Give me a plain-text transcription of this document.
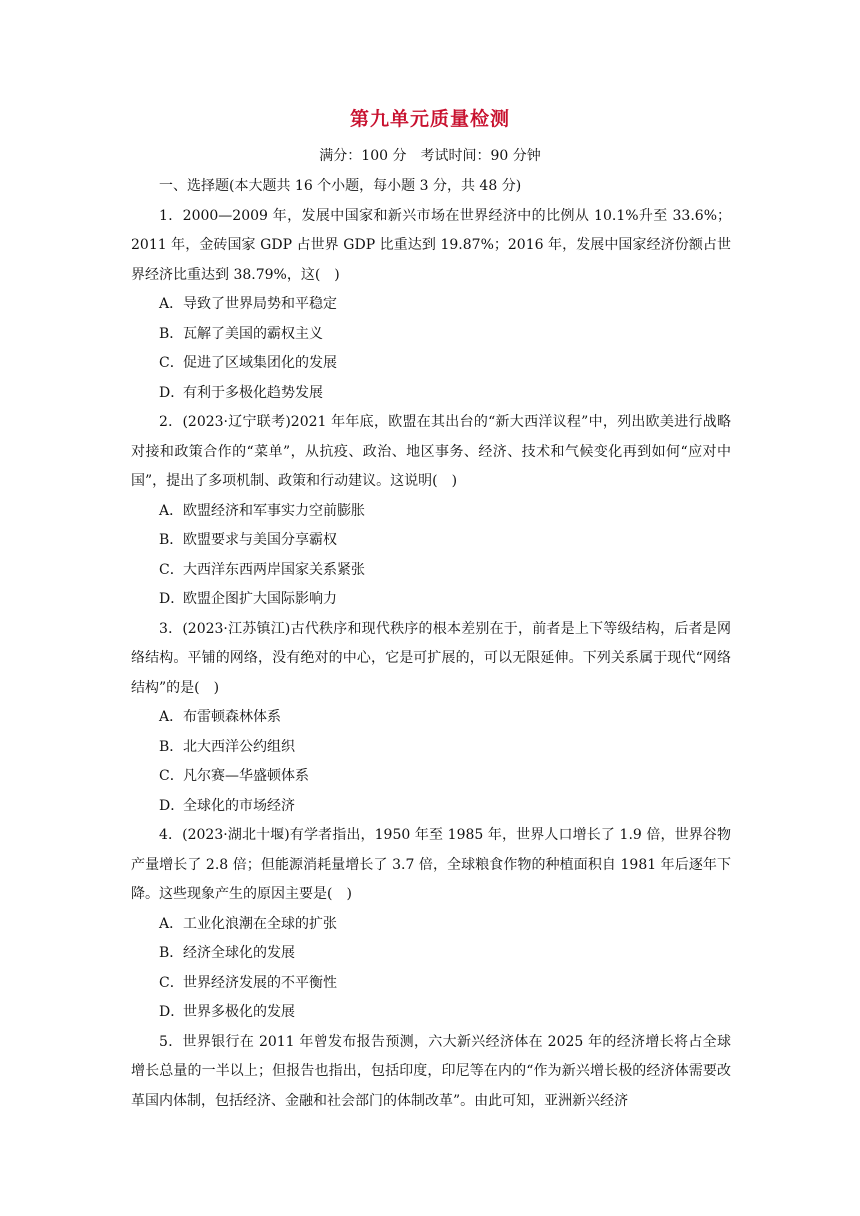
第九单元质量检测
满分：100 分　考试时间：90 分钟

一、选择题(本大题共 16 个小题，每小题 3 分，共 48 分)

1．2000—2009 年，发展中国家和新兴市场在世界经济中的比例从 10.1%升至 33.6%；2011 年，金砖国家 GDP 占世界 GDP 比重达到 19.87%；2016 年，发展中国家经济份额占世界经济比重达到 38.79%，这(　)

A．导致了世界局势和平稳定

B．瓦解了美国的霸权主义

C．促进了区域集团化的发展

D．有利于多极化趋势发展

2．(2023·辽宁联考)2021 年年底，欧盟在其出台的“新大西洋议程”中，列出欧美进行战略对接和政策合作的“菜单”，从抗疫、政治、地区事务、经济、技术和气候变化再到如何“应对中国”，提出了多项机制、政策和行动建议。这说明(　)

A．欧盟经济和军事实力空前膨胀

B．欧盟要求与美国分享霸权

C．大西洋东西两岸国家关系紧张

D．欧盟企图扩大国际影响力

3．(2023·江苏镇江)古代秩序和现代秩序的根本差别在于，前者是上下等级结构，后者是网络结构。平铺的网络，没有绝对的中心，它是可扩展的，可以无限延伸。下列关系属于现代“网络结构”的是(　)

A．布雷顿森林体系

B．北大西洋公约组织

C．凡尔赛—华盛顿体系

D．全球化的市场经济

4．(2023·湖北十堰)有学者指出，1950 年至 1985 年，世界人口增长了 1.9 倍，世界谷物产量增长了 2.8 倍；但能源消耗量增长了 3.7 倍，全球粮食作物的种植面积自 1981 年后逐年下降。这些现象产生的原因主要是(　)

A．工业化浪潮在全球的扩张

B．经济全球化的发展

C．世界经济发展的不平衡性

D．世界多极化的发展

5．世界银行在 2011 年曾发布报告预测，六大新兴经济体在 2025 年的经济增长将占全球增长总量的一半以上；但报告也指出，包括印度，印尼等在内的“作为新兴增长极的经济体需要改革国内体制，包括经济、金融和社会部门的体制改革”。由此可知，亚洲新兴经济
